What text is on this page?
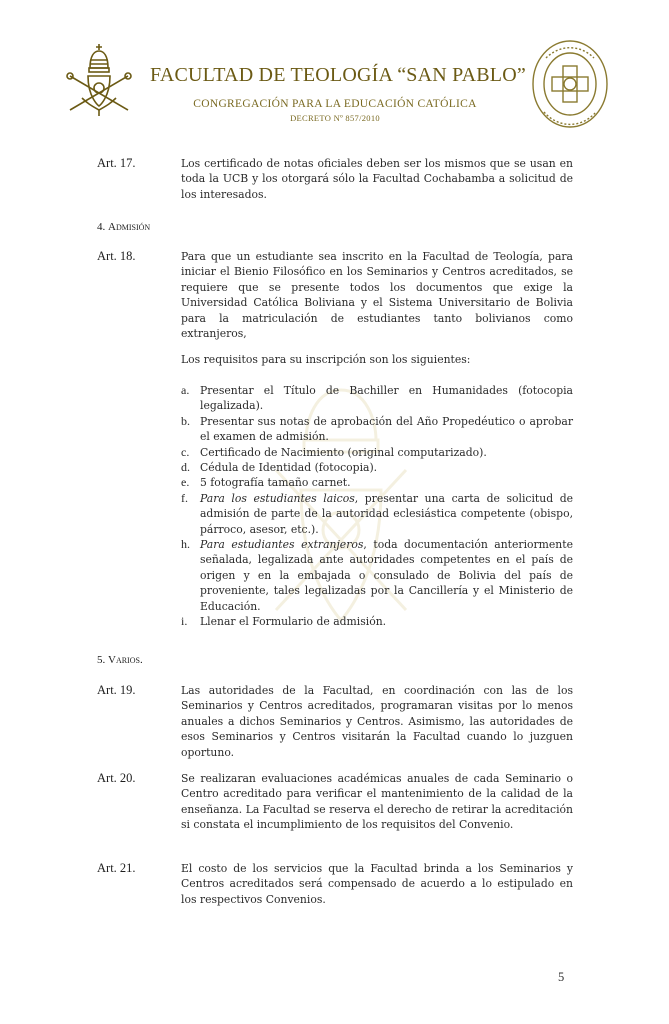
FACULTAD DE TEOLOGÍA “SAN PABLO”
CONGREGACIÓN PARA LA EDUCACIÓN CATÓLICA
DECRETO Nº 857/2010
Art. 17.	Los certificado de notas oficiales deben ser los mismos que se usan en toda la UCB y los otorgará sólo la Facultad Cochabamba a solicitud de los interesados.

4. Admisión
Art. 18.	Para que un estudiante sea inscrito en la Facultad de Teología, para iniciar el Bienio Filosófico en los Seminarios y Centros acreditados, se requiere que se presente todos los documentos que exige la Universidad Católica Boliviana y el Sistema Universitario de Bolivia para la matriculación de estudiantes tanto bolivianos como extranjeros,

Los requisitos para su inscripción son los siguientes:

a. Presentar el Título de Bachiller en Humanidades (fotocopia legalizada).
b. Presentar sus notas de aprobación del Año Propedéutico o aprobar el examen de admisión.
c. Certificado de Nacimiento (original computarizado).
d. Cédula de Identidad (fotocopia).
e. 5 fotografía tamaño carnet.
f. Para los estudiantes laicos, presentar una carta de solicitud de admisión de parte de la autoridad eclesiástica competente (obispo, párroco, asesor, etc.).
h. Para estudiantes extranjeros, toda documentación anteriormente señalada, legalizada ante autoridades competentes en el país de origen y en la embajada o consulado de Bolivia del país de proveniente, tales legalizadas por la Cancillería y el Ministerio de Educación.
i. Llenar el Formulario de admisión.
5. Varios.
Art. 19.	Las autoridades de la Facultad, en coordinación con las de los Seminarios y Centros acreditados, programaran visitas por lo menos anuales a dichos Seminarios y Centros. Asimismo, las autoridades de esos Seminarios y Centros visitarán la Facultad cuando lo juzguen oportuno.

Art. 20.	Se realizaran evaluaciones académicas anuales de cada Seminario o Centro acreditado para verificar el mantenimiento de la calidad de la enseñanza. La Facultad se reserva el derecho de retirar la acreditación si constata el incumplimiento de los requisitos del Convenio.

Art. 21.	El costo de los servicios que la Facultad brinda a los Seminarios y Centros acreditados será compensado de acuerdo a lo estipulado en los respectivos Convenios.

5
